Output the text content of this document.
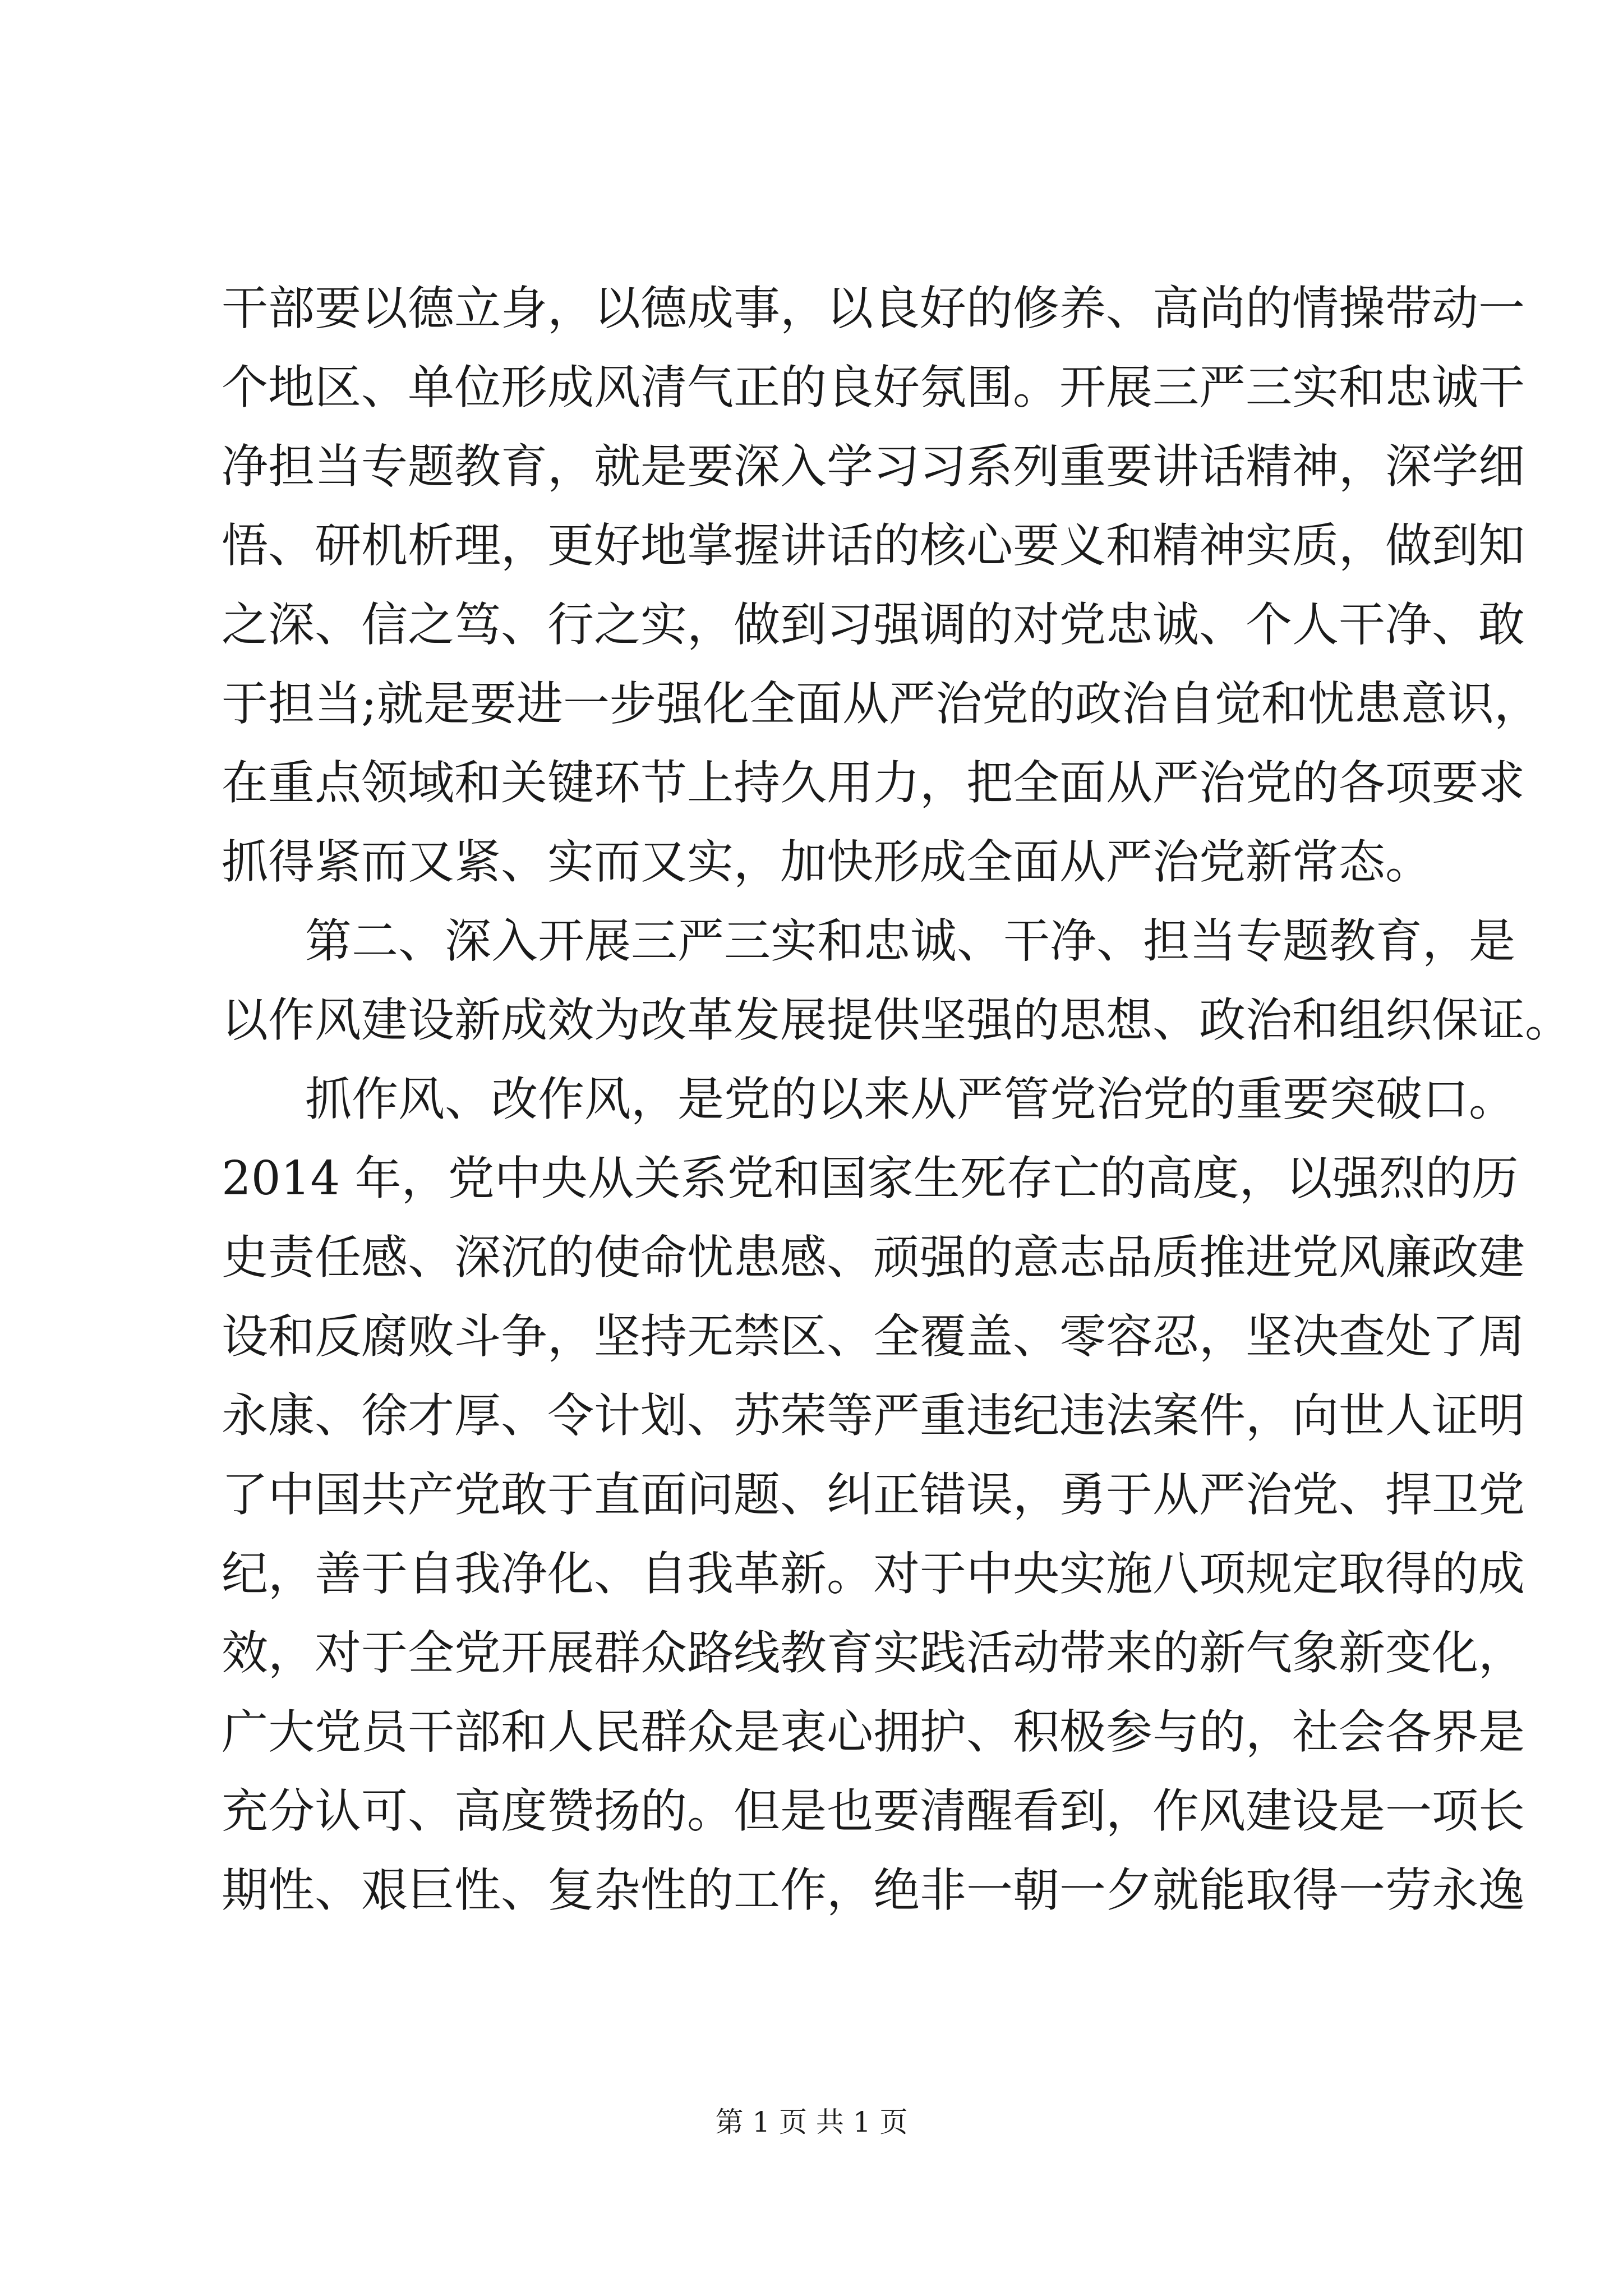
干部要以德立身，以德成事，以良好的修养、高尚的情操带动一
个地区、单位形成风清气正的良好氛围。开展三严三实和忠诚干
净担当专题教育，就是要深入学习习系列重要讲话精神，深学细
悟、研机析理，更好地掌握讲话的核心要义和精神实质，做到知
之深、信之笃、行之实，做到习强调的对党忠诚、个人干净、敢
于担当;就是要进一步强化全面从严治党的政治自觉和忧患意识，
在重点领域和关键环节上持久用力，把全面从严治党的各项要求
抓得紧而又紧、实而又实，加快形成全面从严治党新常态。
第二、深入开展三严三实和忠诚、干净、担当专题教育，是
以作风建设新成效为改革发展提供坚强的思想、政治和组织保证。
抓作风、改作风，是党的以来从严管党治党的重要突破口。
2014 年，党中央从关系党和国家生死存亡的高度，以强烈的历
史责任感、深沉的使命忧患感、顽强的意志品质推进党风廉政建
设和反腐败斗争，坚持无禁区、全覆盖、零容忍，坚决查处了周
永康、徐才厚、令计划、苏荣等严重违纪违法案件，向世人证明
了中国共产党敢于直面问题、纠正错误，勇于从严治党、捍卫党
纪，善于自我净化、自我革新。对于中央实施八项规定取得的成
效，对于全党开展群众路线教育实践活动带来的新气象新变化，
广大党员干部和人民群众是衷心拥护、积极参与的，社会各界是
充分认可、高度赞扬的。但是也要清醒看到，作风建设是一项长
期性、艰巨性、复杂性的工作，绝非一朝一夕就能取得一劳永逸
第 1 页 共 1 页
